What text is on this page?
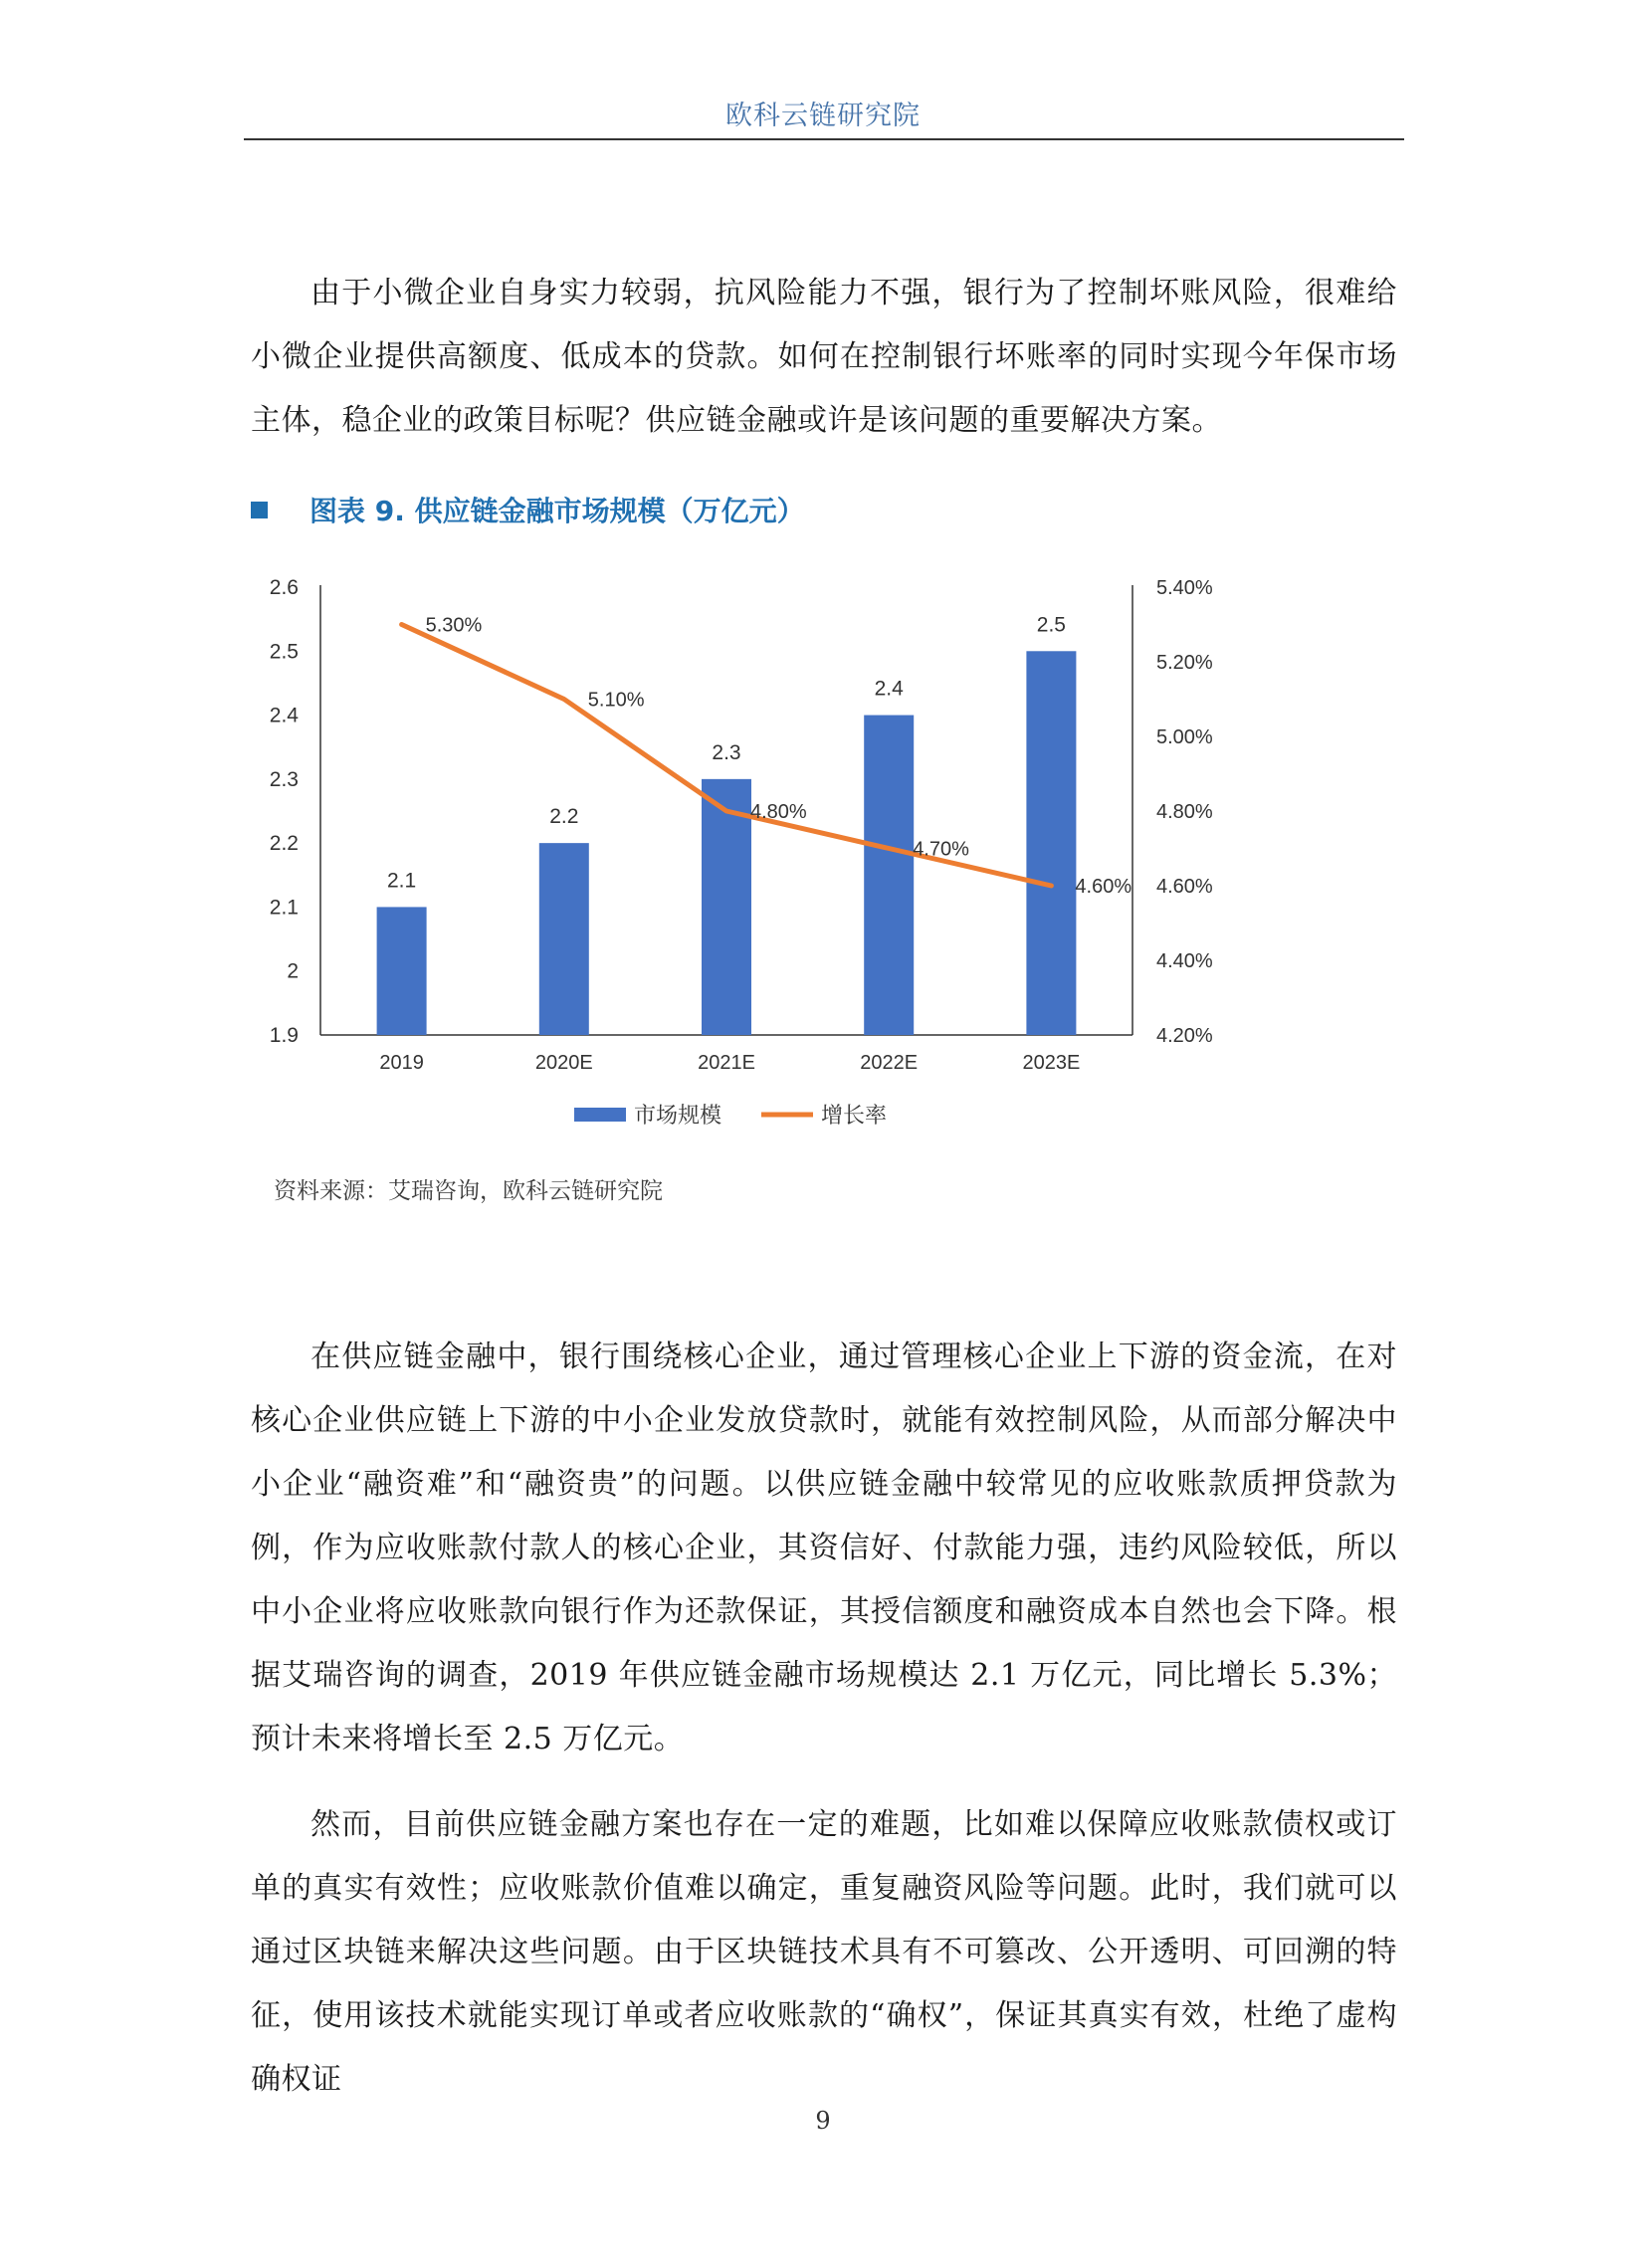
欧科云链研究院

由于小微企业自身实力较弱，抗风险能力不强，银行为了控制坏账风险，很难给小微企业提供高额度、低成本的贷款。如何在控制银行坏账率的同时实现今年保市场主体，稳企业的政策目标呢？供应链金融或许是该问题的重要解决方案。

图表 9. 供应链金融市场规模（万亿元）
1.9
2
2.1
2.2
2.3
2.4
2.5
2.6
4.20%
4.40%
4.60%
4.80%
5.00%
5.20%
5.40%
2.1
2.2
2.3
2.4
2.5
2019	2020E	2021E	2022E	2023E
5.30%
5.10%
4.80%
4.70%
4.60%
市场规模	增长率
资料来源：艾瑞咨询，欧科云链研究院

在供应链金融中，银行围绕核心企业，通过管理核心企业上下游的资金流，在对核心企业供应链上下游的中小企业发放贷款时，就能有效控制风险，从而部分解决中小企业“融资难”和“融资贵”的问题。以供应链金融中较常见的应收账款质押贷款为例，作为应收账款付款人的核心企业，其资信好、付款能力强，违约风险较低，所以中小企业将应收账款向银行作为还款保证，其授信额度和融资成本自然也会下降。根据艾瑞咨询的调查，2019 年供应链金融市场规模达 2.1 万亿元，同比增长 5.3%；预计未来将增长至 2.5 万亿元。

然而，目前供应链金融方案也存在一定的难题，比如难以保障应收账款债权或订单的真实有效性；应收账款价值难以确定，重复融资风险等问题。此时，我们就可以通过区块链来解决这些问题。由于区块链技术具有不可篡改、公开透明、可回溯的特征，使用该技术就能实现订单或者应收账款的“确权”，保证其真实有效，杜绝了虚构确权证

9
